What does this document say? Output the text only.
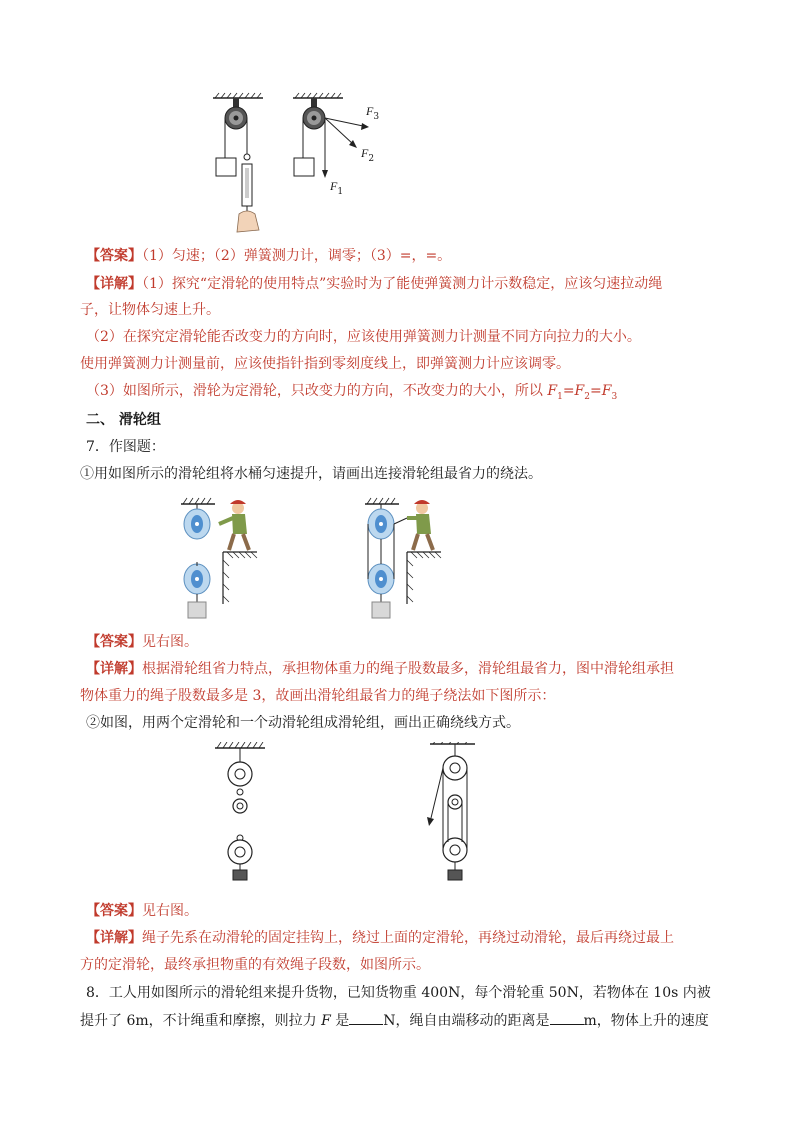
$F_3$
$F_2$
$F_1$
【答案】（1）匀速；（2）弹簧测力计，调零；（3）=，=。
【详解】（1）探究“定滑轮的使用特点”实验时为了能使弹簧测力计示数稳定，应该匀速拉动绳
子，让物体匀速上升。
（2）在探究定滑轮能否改变力的方向时，应该使用弹簧测力计测量不同方向拉力的大小。
使用弹簧测力计测量前，应该使指针指到零刻度线上，即弹簧测力计应该调零。
（3）如图所示，滑轮为定滑轮，只改变力的方向，不改变力的大小，所以 $F_1=F_2=F_3$
二、 滑轮组
7．作图题：
①用如图所示的滑轮组将水桶匀速提升，请画出连接滑轮组最省力的绕法。
【答案】见右图。
【详解】根据滑轮组省力特点，承担物体重力的绳子股数最多，滑轮组最省力，图中滑轮组承担
物体重力的绳子股数最多是 3，故画出滑轮组最省力的绳子绕法如下图所示：
②如图，用两个定滑轮和一个动滑轮组成滑轮组，画出正确绕线方式。
【答案】见右图。
【详解】绳子先系在动滑轮的固定挂钩上，绕过上面的定滑轮，再绕过动滑轮，最后再绕过最上
方的定滑轮，最终承担物重的有效绳子段数，如图所示。
8．工人用如图所示的滑轮组来提升货物，已知货物重 400N，每个滑轮重 50N，若物体在 10s 内被
提升了 6m，不计绳重和摩擦，则拉力 F 是 N，绳自由端移动的距离是 m，物体上升的速度
